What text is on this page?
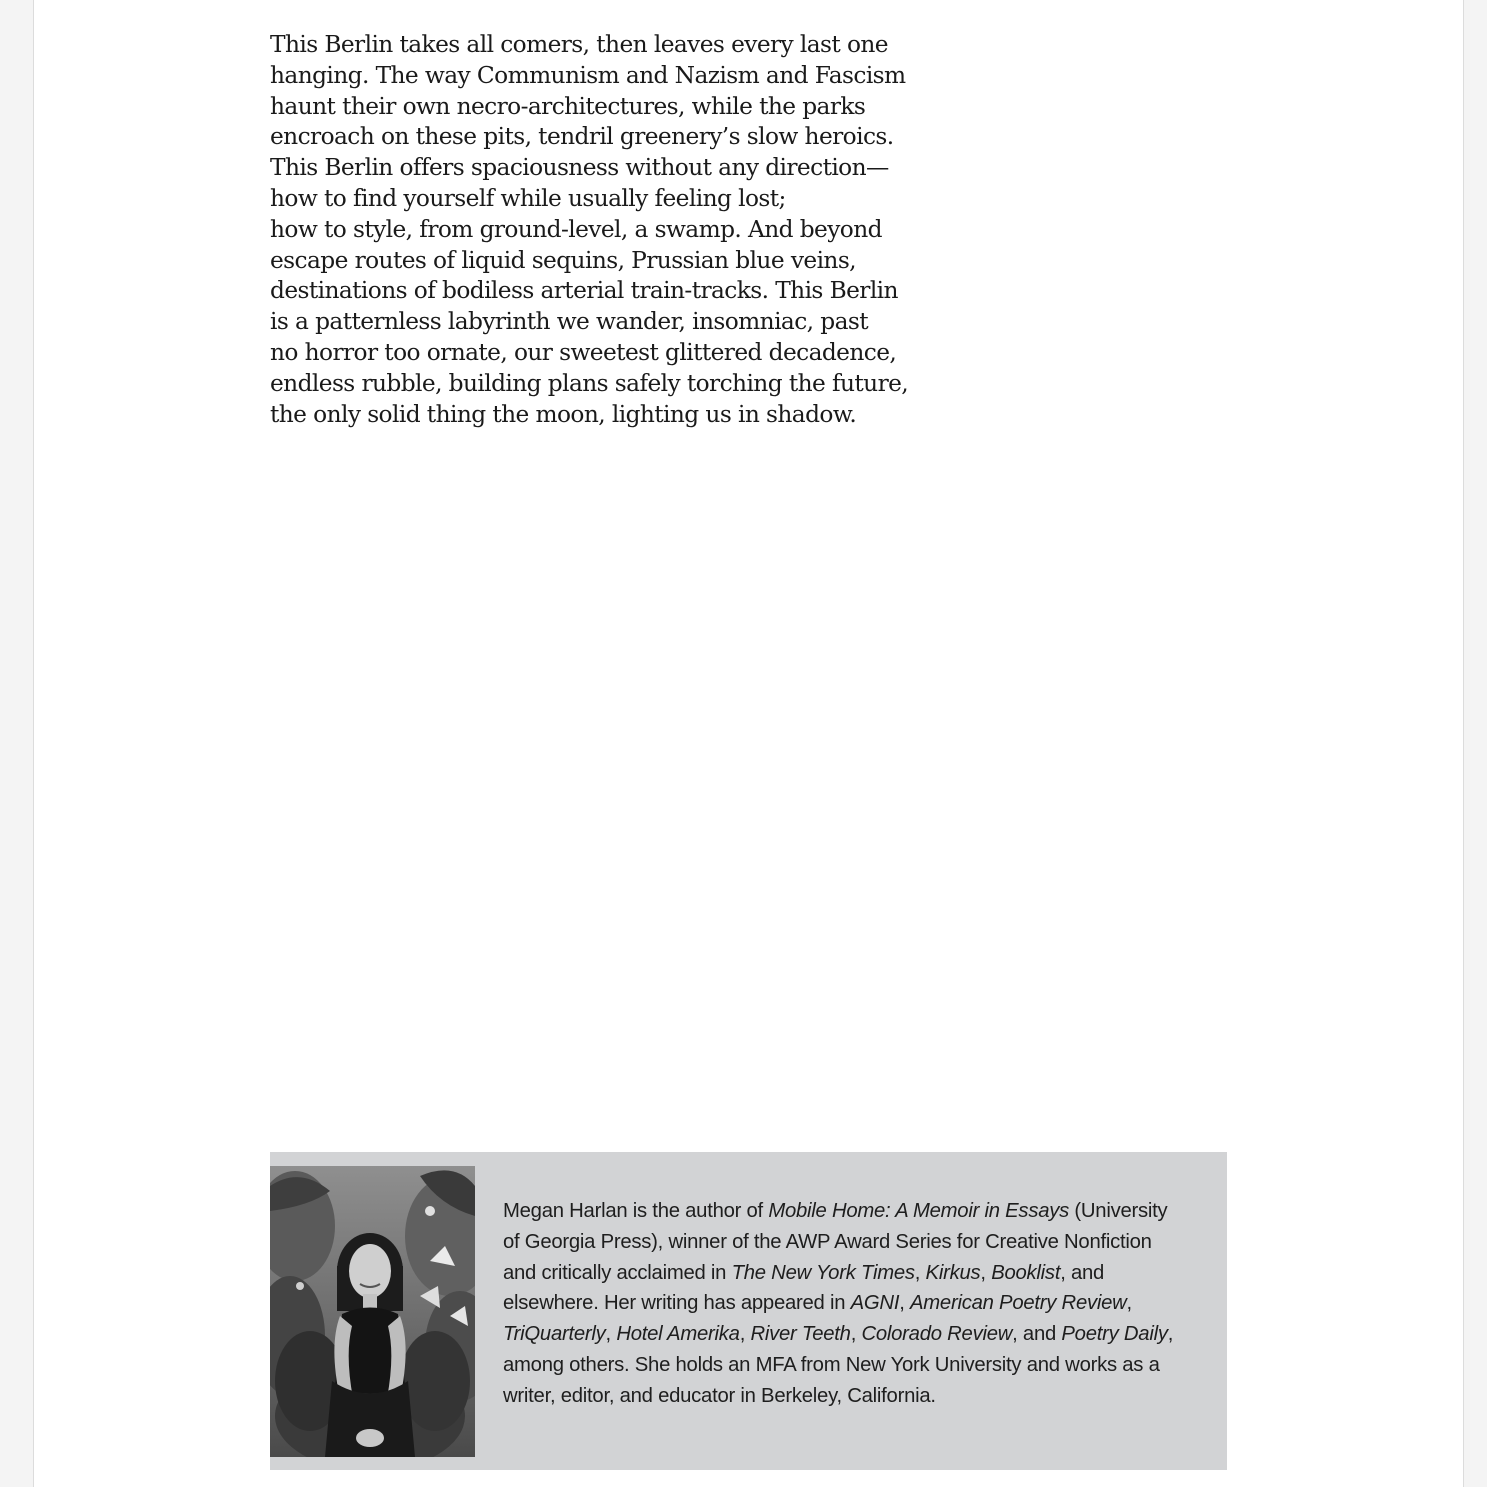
This Berlin takes all comers, then leaves every last one
hanging. The way Communism and Nazism and Fascism
haunt their own necro-architectures, while the parks
encroach on these pits, tendril greenery’s slow heroics.
This Berlin offers spaciousness without any direction—
how to find yourself while usually feeling lost;
how to style, from ground-level, a swamp. And beyond
escape routes of liquid sequins, Prussian blue veins,
destinations of bodiless arterial train-tracks. This Berlin
is a patternless labyrinth we wander, insomniac, past
no horror too ornate, our sweetest glittered decadence,
endless rubble, building plans safely torching the future,
the only solid thing the moon, lighting us in shadow.

Megan Harlan is the author of Mobile Home: A Memoir in Essays (University
of Georgia Press), winner of the AWP Award Series for Creative Nonfiction
and critically acclaimed in The New York Times, Kirkus, Booklist, and
elsewhere. Her writing has appeared in AGNI, American Poetry Review,
TriQuarterly, Hotel Amerika, River Teeth, Colorado Review, and Poetry Daily,
among others. She holds an MFA from New York University and works as a
writer, editor, and educator in Berkeley, California.
